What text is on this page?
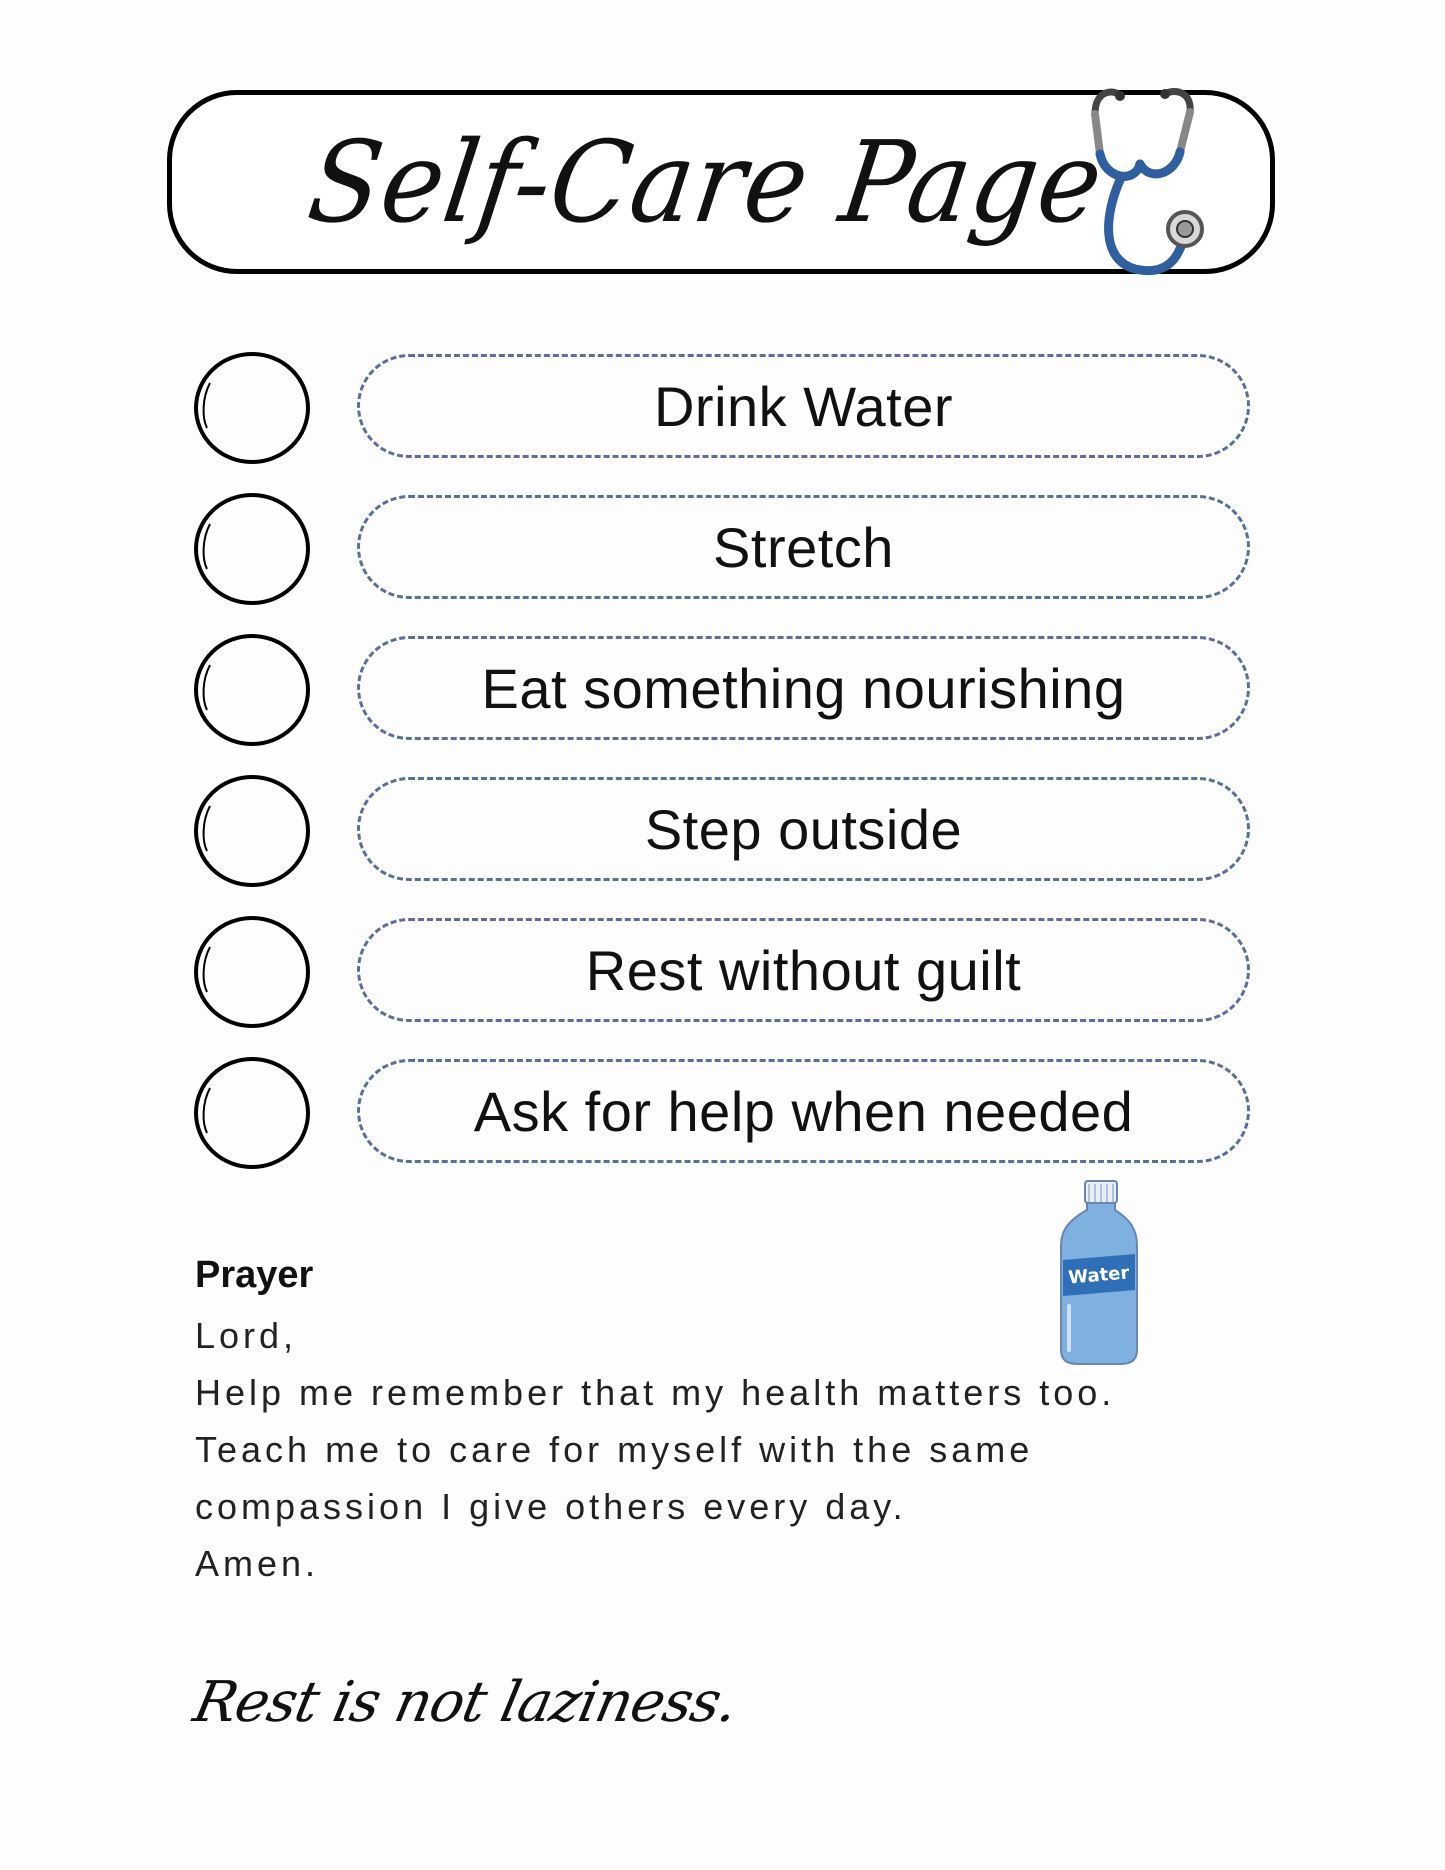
Self-Care Page
Drink Water
Stretch
Eat something nourishing
Step outside
Rest without guilt
Ask for help when needed
Water
Prayer
Lord,
Help me remember that my health matters too.
Teach me to care for myself with the same
compassion I give others every day.
Amen.
Rest is not laziness.
